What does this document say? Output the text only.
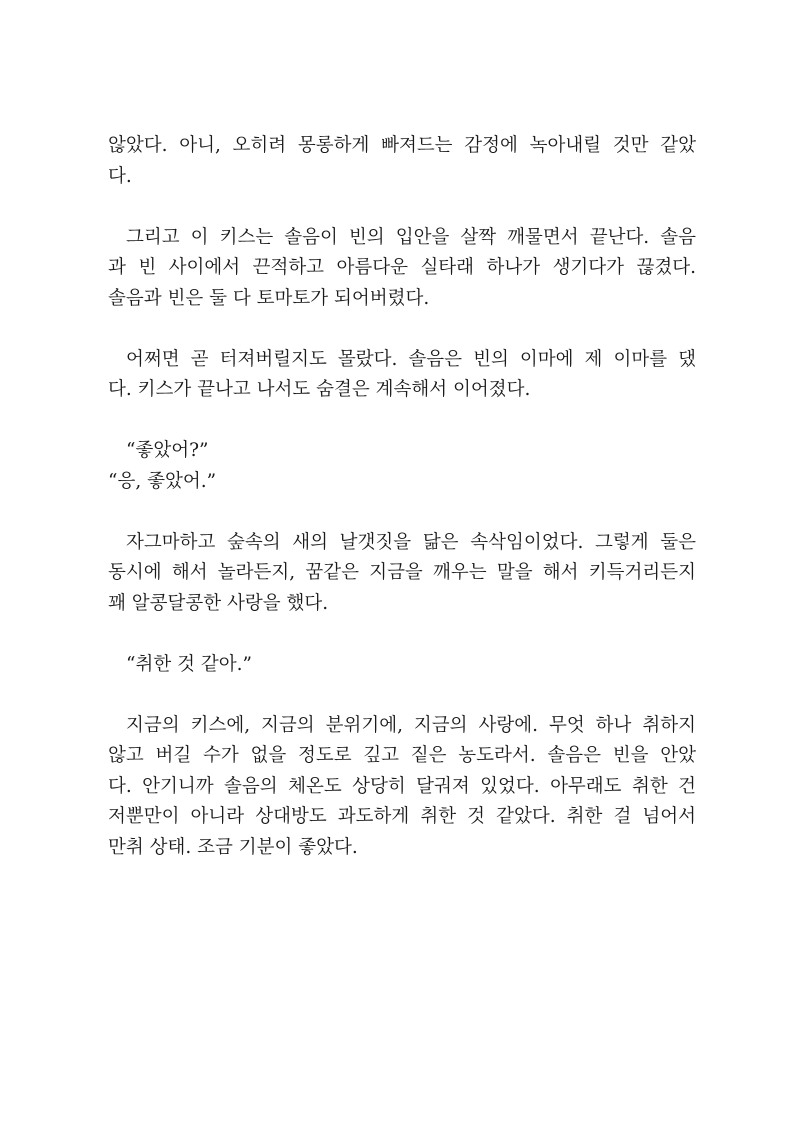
않았다. 아니, 오히려 몽롱하게 빠져드는 감정에 녹아내릴 것만 같았
다.
그리고 이 키스는 솔음이 빈의 입안을 살짝 깨물면서 끝난다. 솔음
과 빈 사이에서 끈적하고 아름다운 실타래 하나가 생기다가 끊겼다.
솔음과 빈은 둘 다 토마토가 되어버렸다.
어쩌면 곧 터져버릴지도 몰랐다. 솔음은 빈의 이마에 제 이마를 댔
다. 키스가 끝나고 나서도 숨결은 계속해서 이어졌다.
“좋았어?”
“응, 좋았어.”
자그마하고 숲속의 새의 날갯짓을 닮은 속삭임이었다. 그렇게 둘은
동시에 해서 놀라든지, 꿈같은 지금을 깨우는 말을 해서 키득거리든지
꽤 알콩달콩한 사랑을 했다.
“취한 것 같아.”
지금의 키스에, 지금의 분위기에, 지금의 사랑에. 무엇 하나 취하지
않고 버길 수가 없을 정도로 깊고 짙은 농도라서. 솔음은 빈을 안았
다. 안기니까 솔음의 체온도 상당히 달궈져 있었다. 아무래도 취한 건
저뿐만이 아니라 상대방도 과도하게 취한 것 같았다. 취한 걸 넘어서
만취 상태. 조금 기분이 좋았다.
